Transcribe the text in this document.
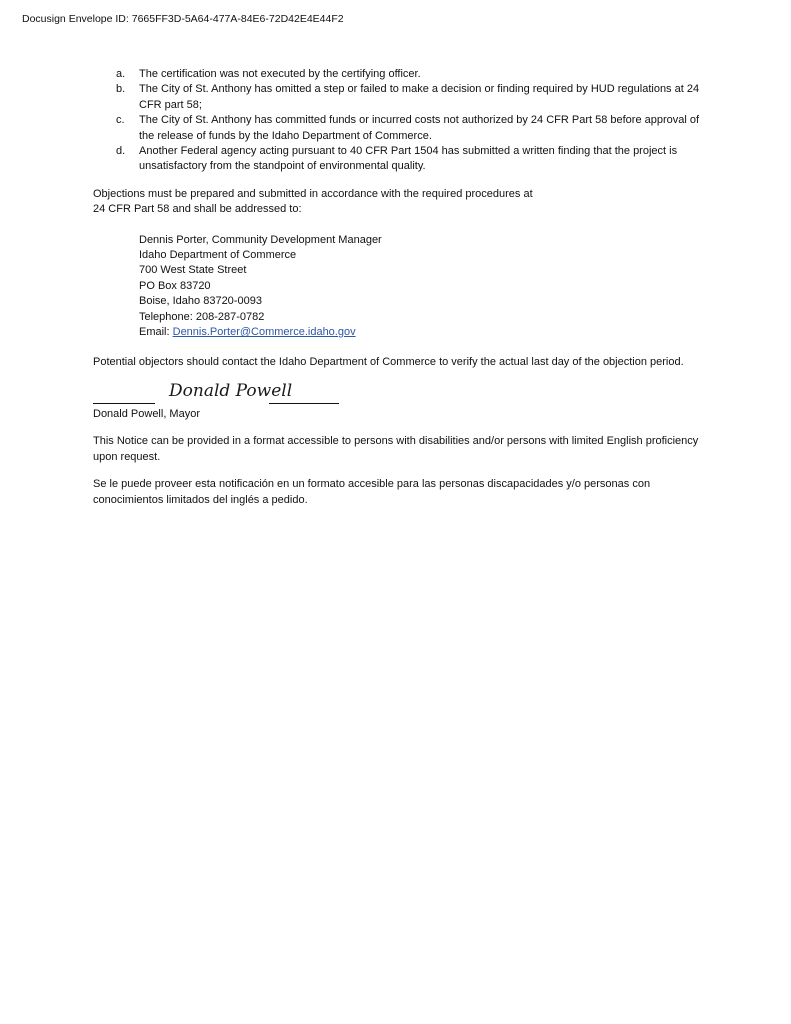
Docusign Envelope ID: 7665FF3D-5A64-477A-84E6-72D42E4E44F2
a.	The certification was not executed by the certifying officer.
b.	The City of St. Anthony has omitted a step or failed to make a decision or finding required by HUD regulations at 24 CFR part 58;
c.	The City of St. Anthony has committed funds or incurred costs not authorized by 24 CFR Part 58 before approval of the release of funds by the Idaho Department of Commerce.
d.	Another Federal agency acting pursuant to 40 CFR Part 1504 has submitted a written finding that the project is unsatisfactory from the standpoint of environmental quality.

Objections must be prepared and submitted in accordance with the required procedures at
24 CFR Part 58 and shall be addressed to:

Dennis Porter, Community Development Manager
Idaho Department of Commerce
700 West State Street
PO Box 83720
Boise, Idaho 83720-0093
Telephone: 208-287-0782
Email: Dennis.Porter@Commerce.idaho.gov

Potential objectors should contact the Idaho Department of Commerce to verify the actual last day of the objection period.

Donald Powell
Donald Powell, Mayor

This Notice can be provided in a format accessible to persons with disabilities and/or persons with limited English proficiency upon request.

Se le puede proveer esta notificación en un formato accesible para las personas discapacidades y/o personas con conocimientos limitados del inglés a pedido.
